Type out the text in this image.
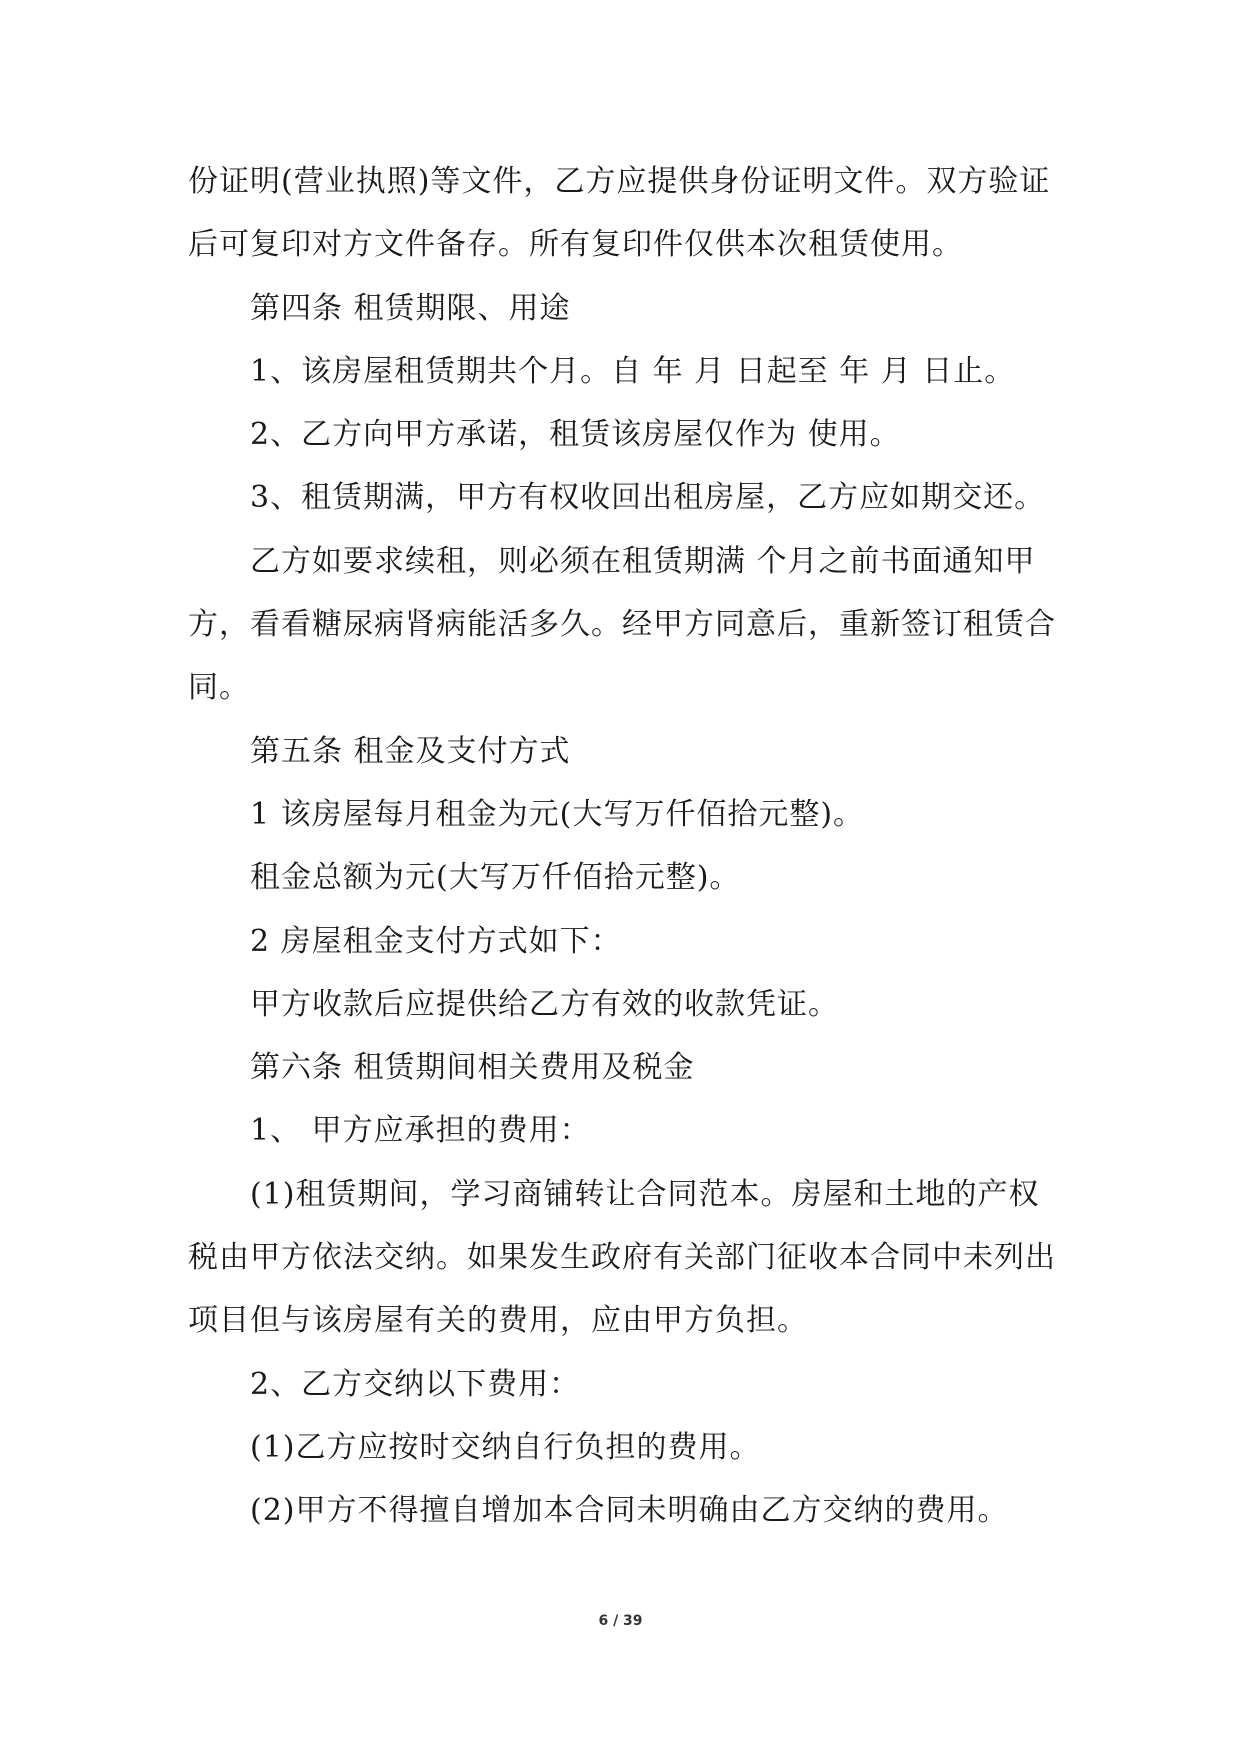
份证明(营业执照)等文件，乙方应提供身份证明文件。双方验证
后可复印对方文件备存。所有复印件仅供本次租赁使用。
第四条 租赁期限、用途
1、该房屋租赁期共个月。自 年 月 日起至 年 月 日止。
2、乙方向甲方承诺，租赁该房屋仅作为 使用。
3、租赁期满，甲方有权收回出租房屋，乙方应如期交还。
乙方如要求续租，则必须在租赁期满 个月之前书面通知甲
方，看看糖尿病肾病能活多久。经甲方同意后，重新签订租赁合
同。
第五条 租金及支付方式
1 该房屋每月租金为元(大写万仟佰拾元整)。
租金总额为元(大写万仟佰拾元整)。
2 房屋租金支付方式如下：
甲方收款后应提供给乙方有效的收款凭证。
第六条 租赁期间相关费用及税金
1、 甲方应承担的费用：
(1)租赁期间，学习商铺转让合同范本。房屋和土地的产权
税由甲方依法交纳。如果发生政府有关部门征收本合同中未列出
项目但与该房屋有关的费用，应由甲方负担。
2、乙方交纳以下费用：
(1)乙方应按时交纳自行负担的费用。
(2)甲方不得擅自增加本合同未明确由乙方交纳的费用。
6 / 39
